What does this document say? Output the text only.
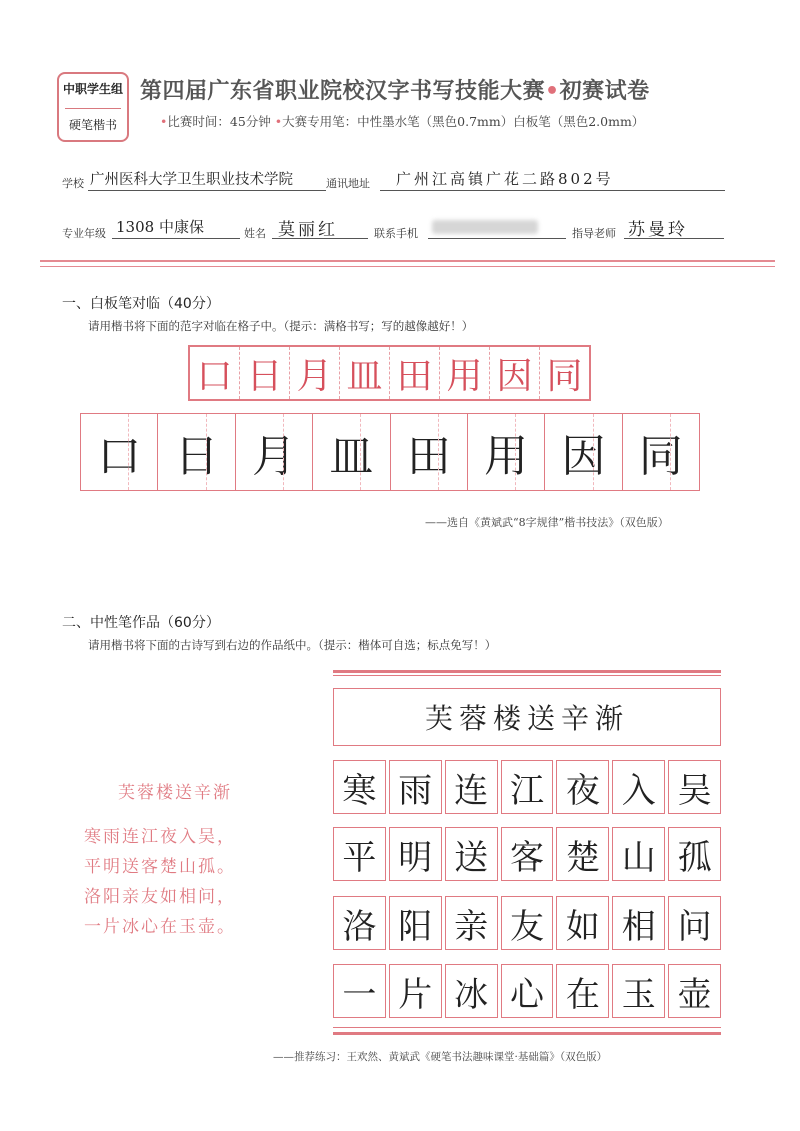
中职学生组
硬笔楷书
第四届广东省职业院校汉字书写技能大赛•初赛试卷
•比赛时间：45分钟 •大赛专用笔：中性墨水笔（黑色0.7mm）白板笔（黑色2.0mm）
学校 广州医科大学卫生职业技术学院	通讯地址 广州江高镇广花二路802号
专业年级 1308 中康保	姓名 莫丽红	联系手机	指导老师 苏曼玲
一、白板笔对临（40分）
请用楷书将下面的范字对临在格子中。（提示：满格书写；写的越像越好！）
口 日 月 皿 田 用 因 同
口 日 月 皿 田 用 因 同
——选自《黄斌武“8字规律”楷书技法》（双色版）
二、中性笔作品（60分）
请用楷书将下面的古诗写到右边的作品纸中。（提示：楷体可自选；标点免写！）
芙蓉楼送辛渐
寒雨连江夜入吴，
平明送客楚山孤。
洛阳亲友如相问，
一片冰心在玉壶。
芙蓉楼送辛渐
寒 雨 连 江 夜 入 吴
平 明 送 客 楚 山 孤
洛 阳 亲 友 如 相 问
一 片 冰 心 在 玉 壶
——推荐练习：王欢然、黄斌武《硬笔书法趣味课堂·基础篇》（双色版）
